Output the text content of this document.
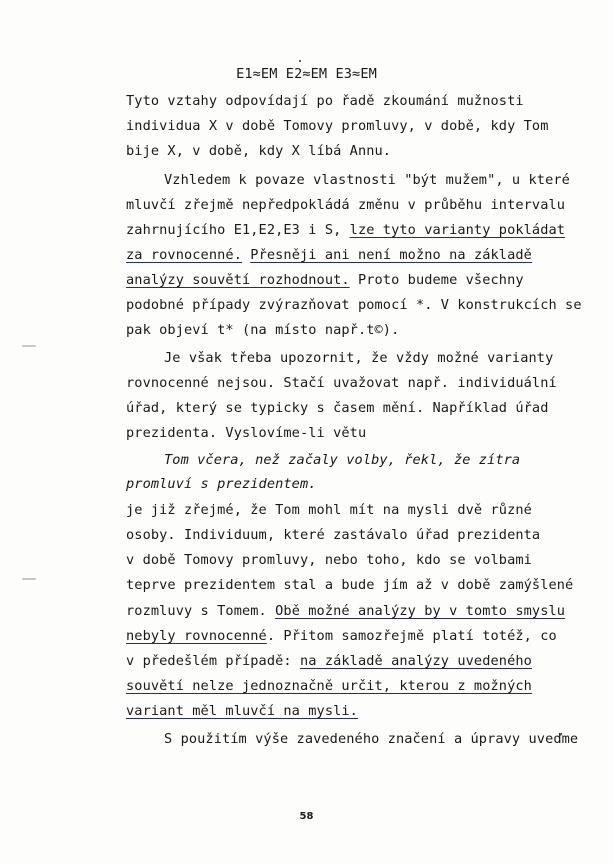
E1≈EM E2≈EM E3≈EM
Tyto vztahy odpovídají po řadě zkoumání mužnosti
individua X v době Tomovy promluvy, v době, kdy Tom
bije X, v době, kdy X líbá Annu.
Vzhledem k povaze vlastnosti "být mužem", u které
mluvčí zřejmě nepředpokládá změnu v průběhu intervalu
zahrnujícího E1,E2,E3 i S, lze tyto varianty pokládat
za rovnocenné. Přesněji ani není možno na základě
analýzy souvětí rozhodnout. Proto budeme všechny
podobné případy zvýrazňovat pomocí *. V konstrukcích se
pak objeví t* (na místo např.t©).
Je však třeba upozornit, že vždy možné varianty
rovnocenné nejsou. Stačí uvažovat např. individuální
úřad, který se typicky s časem mění. Například úřad
prezidenta. Vyslovíme-li větu
Tom včera, než začaly volby, řekl, že zítra
promluví s prezidentem.
je již zřejmé, že Tom mohl mít na mysli dvě různé
osoby. Individuum, které zastávalo úřad prezidenta
v době Tomovy promluvy, nebo toho, kdo se volbami
teprve prezidentem stal a bude jím až v době zamýšlené
rozmluvy s Tomem. Obě možné analýzy by v tomto smyslu
nebyly rovnocenné. Přitom samozřejmě platí totéž, co
v předešlém případě: na základě analýzy uvedeného
souvětí nelze jednoznačně určit, kterou z možných
variant měl mluvčí na mysli.
S použitím výše zavedeného značení a úpravy uveďme
58
